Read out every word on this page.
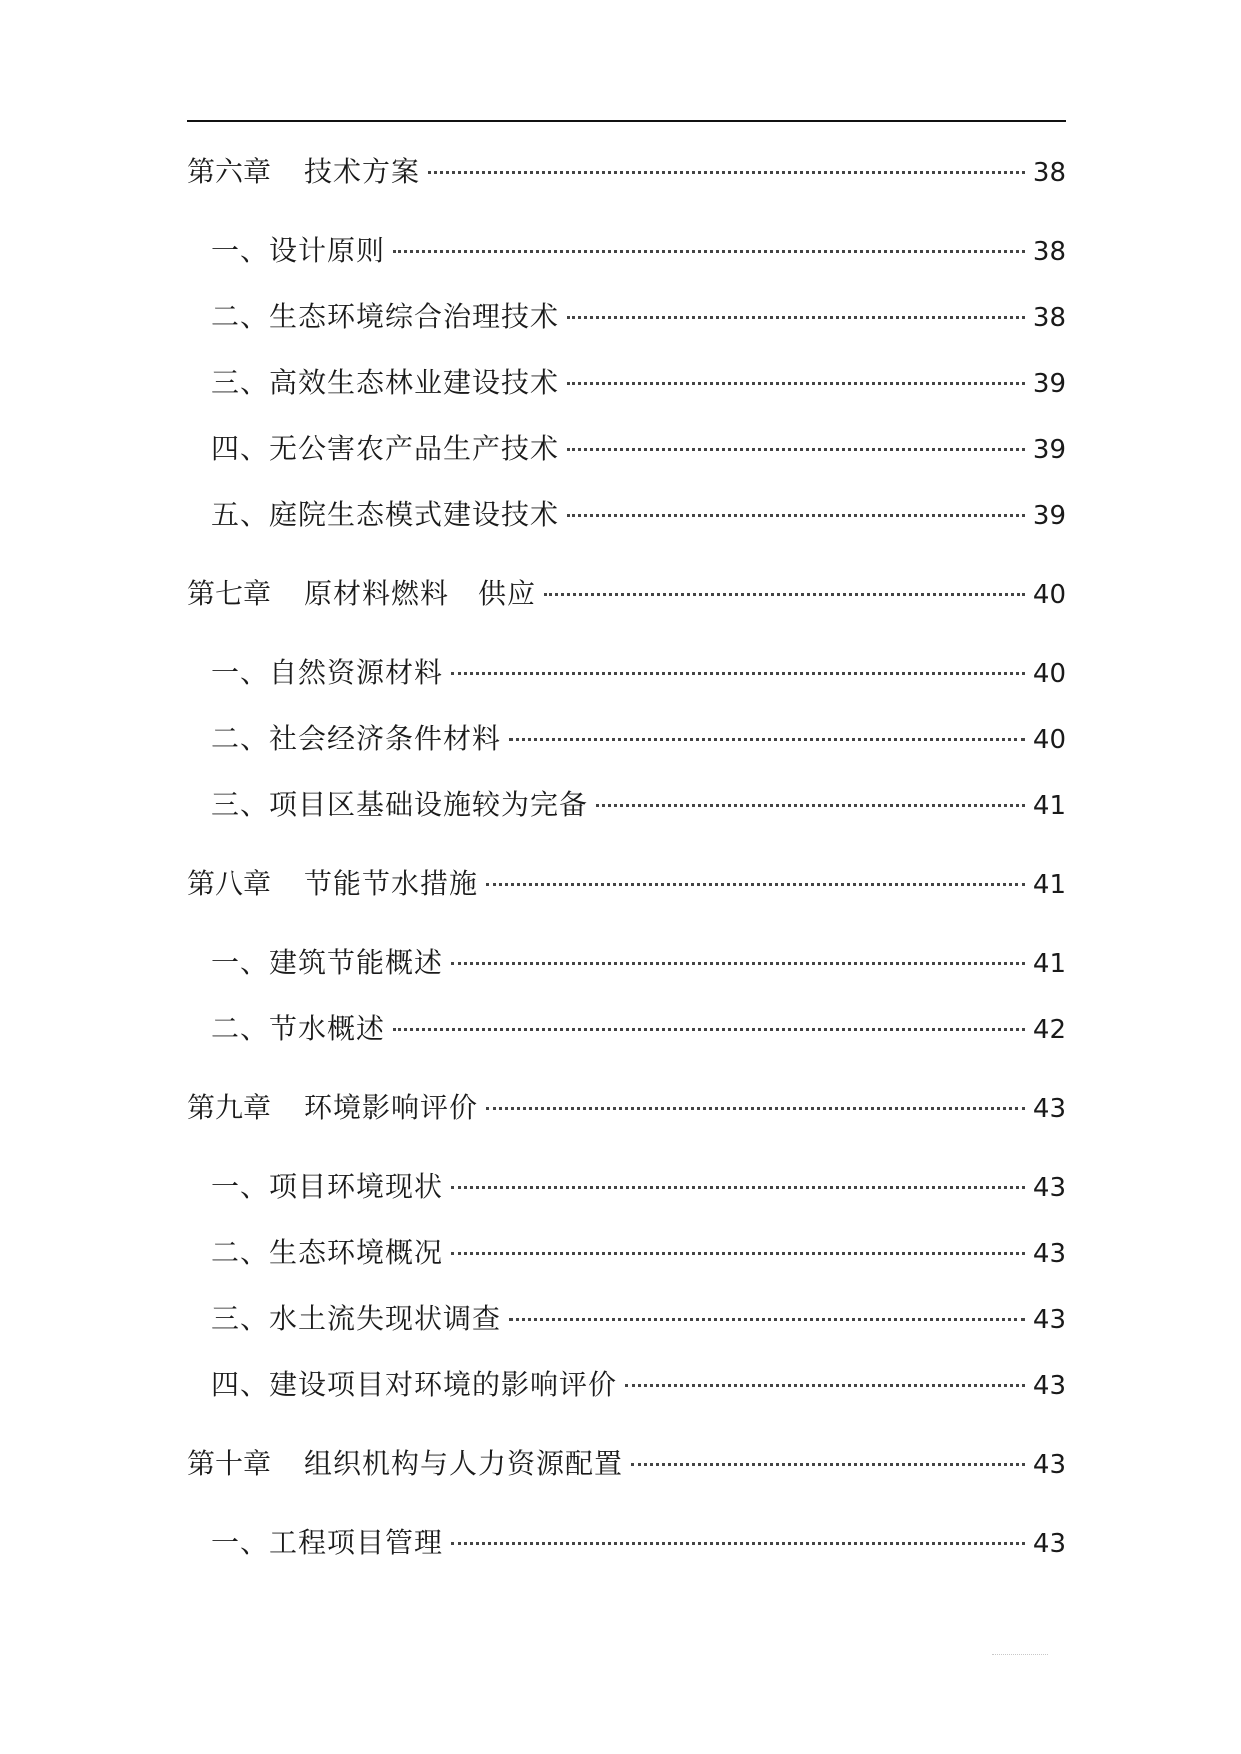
第六章	技术方案	38
一、设计原则	38
二、生态环境综合治理技术	38
三、高效生态林业建设技术	39
四、无公害农产品生产技术	39
五、庭院生态模式建设技术	39
第七章	原材料燃料　供应	40
一、自然资源材料	40
二、社会经济条件材料	40
三、项目区基础设施较为完备	41
第八章	节能节水措施	41
一、建筑节能概述	41
二、节水概述	42
第九章	环境影响评价	43
一、项目环境现状	43
二、生态环境概况	43
三、水土流失现状调查	43
四、建设项目对环境的影响评价	43
第十章	组织机构与人力资源配置	43
一、工程项目管理	43
